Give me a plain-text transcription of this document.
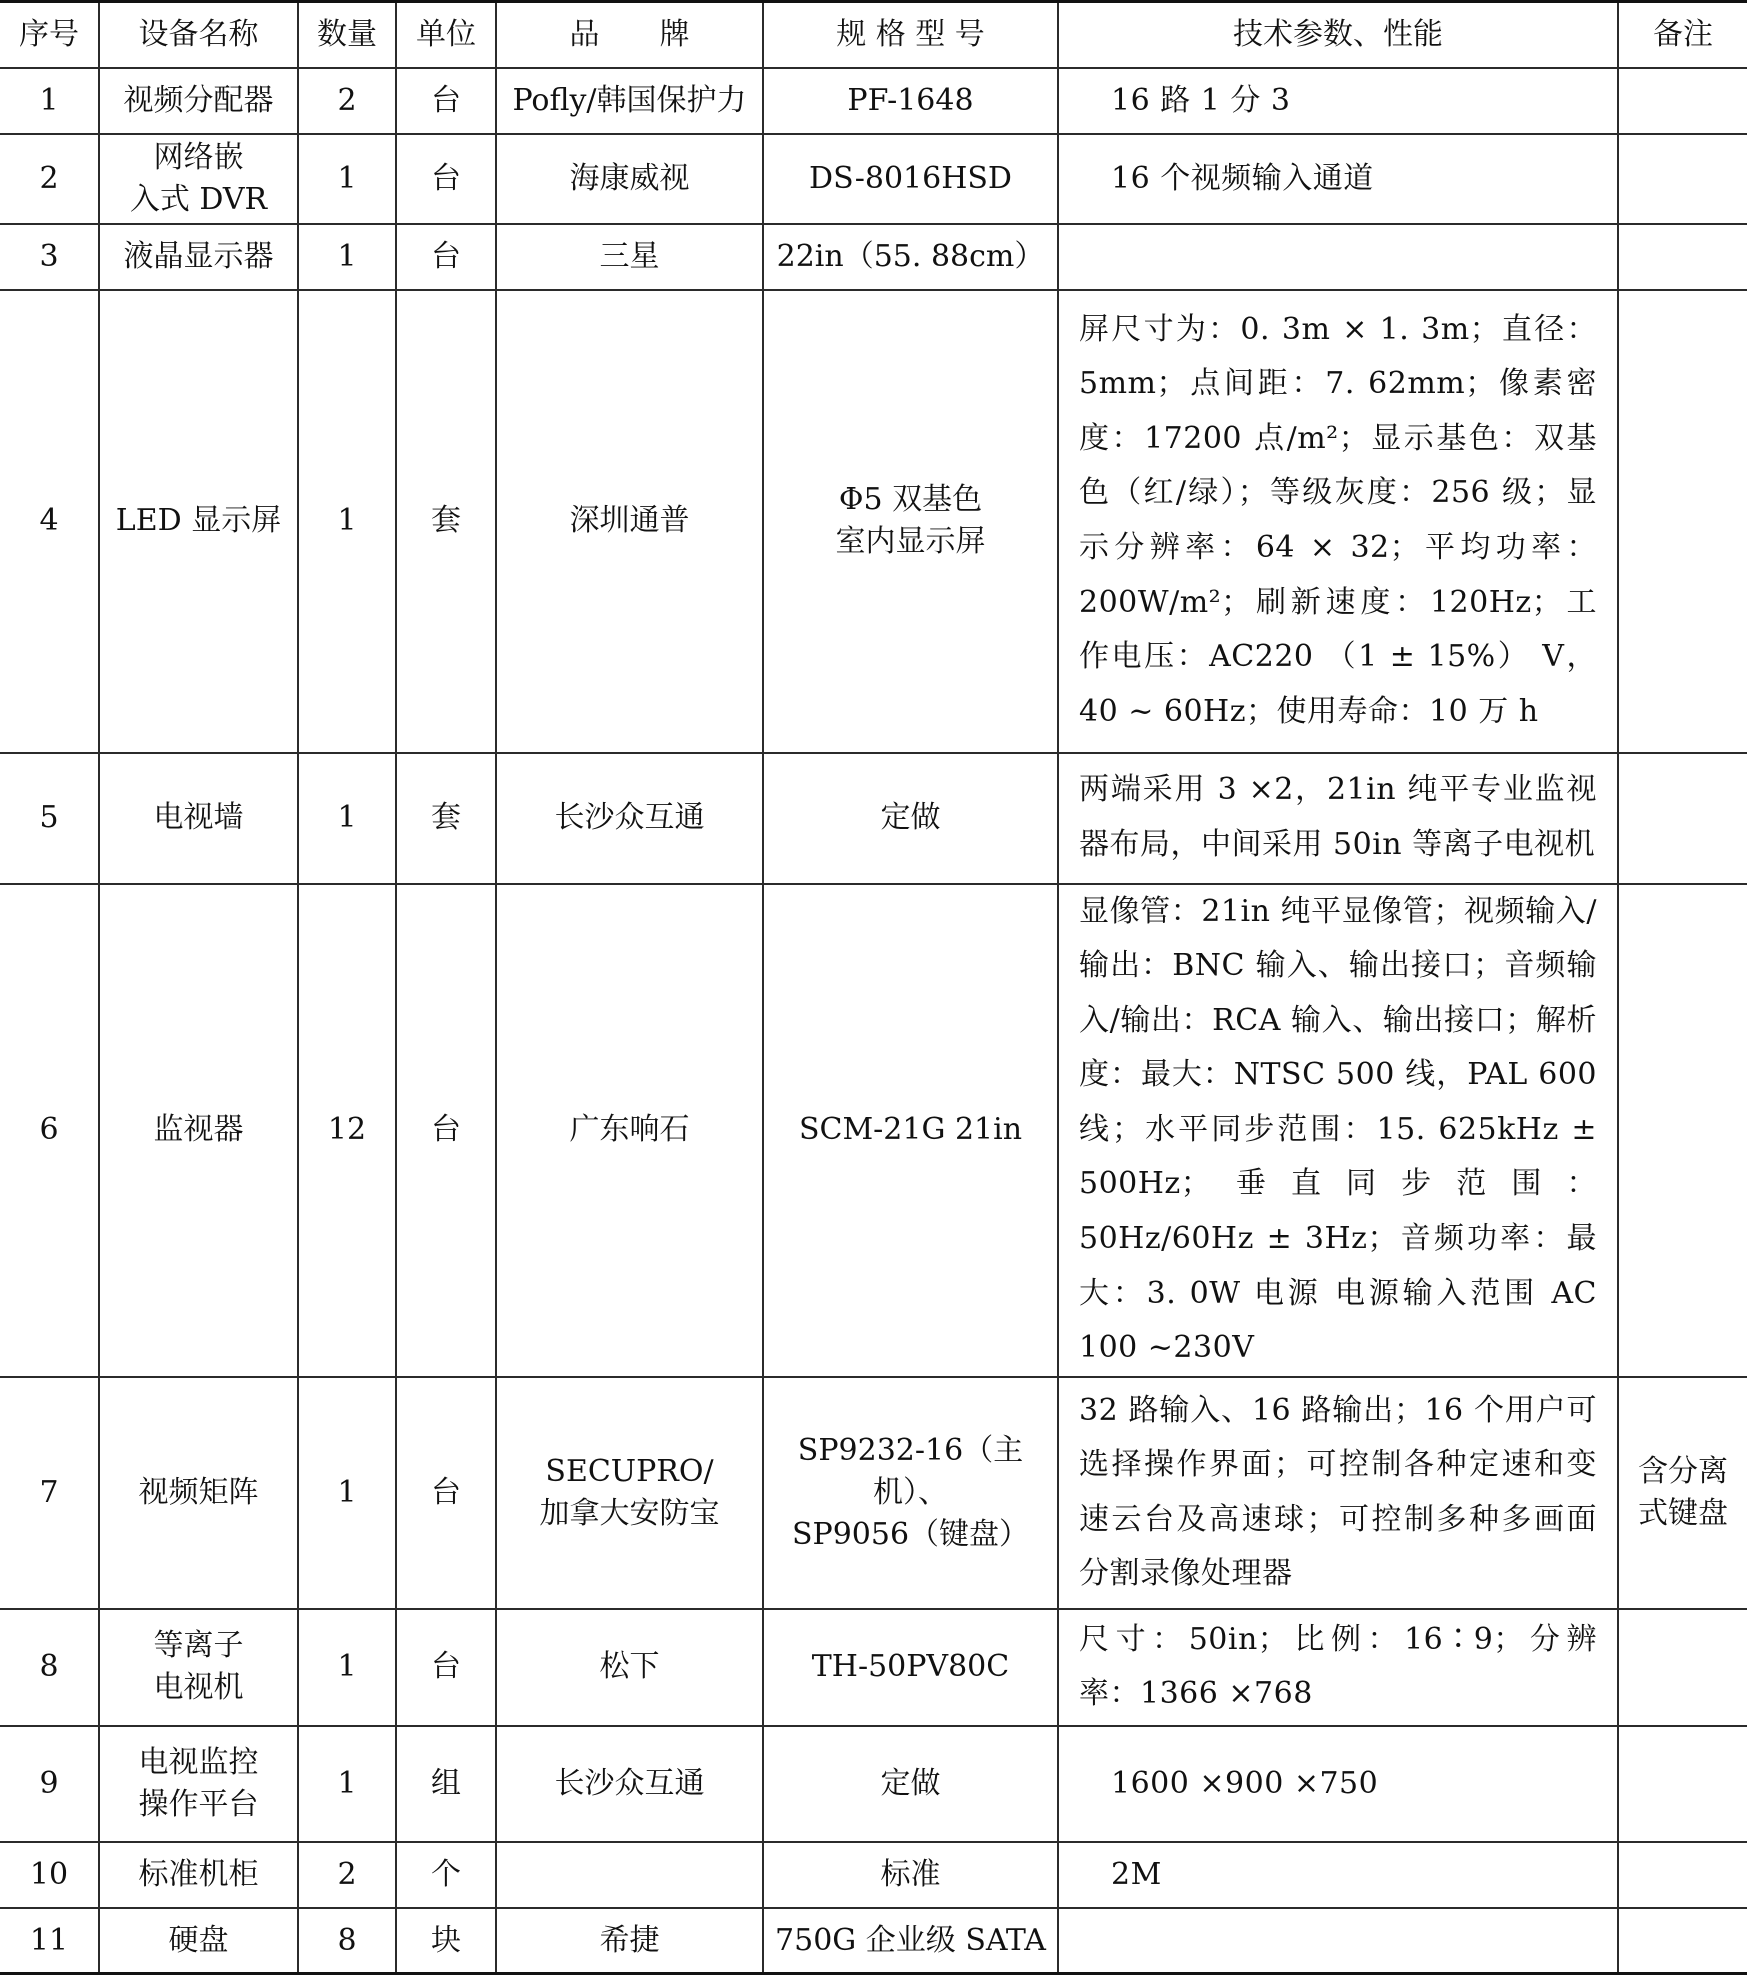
序号	设备名称	数量	单位	品　　牌	规 格 型 号	技术参数、性能	备注
1	视频分配器	2	台	Pofly/韩国保护力	PF-1648	16 路 1 分 3	
2	网络嵌
入式 DVR	1	台	海康威视	DS-8016HSD	16 个视频输入通道	
3	液晶显示器	1	台	三星	22in（55. 88cm）		
4	LED 显示屏	1	套	深圳通普	Φ5 双基色
室内显示屏	屏尺寸为：0. 3m × 1. 3m；直径：5mm；点间距：7. 62mm；像素密度：17200 点/m²；显示基色：双基色（红/绿）；等级灰度：256 级；显示分辨率：64 × 32；平均功率：200W/m²；刷新速度：120Hz；工作电压：AC220 （1 ± 15%） V，40 ~ 60Hz；使用寿命：10 万 h	
5	电视墙	1	套	长沙众互通	定做	两端采用 3 ×2，21in 纯平专业监视器布局，中间采用 50in 等离子电视机	
6	监视器	12	台	广东响石	SCM-21G 21in	显像管：21in 纯平显像管；视频输入/输出：BNC 输入、输出接口；音频输入/输出：RCA 输入、输出接口；解析度：最大：NTSC 500 线，PAL 600 线；水平同步范围：15. 625kHz ± 500Hz；垂直同步范围：50Hz/60Hz ± 3Hz；音频功率：最大：3. 0W 电源 电源输入范围 AC 100 ~230V	
7	视频矩阵	1	台	SECUPRO/
加拿大安防宝	SP9232-16（主机）、
SP9056（键盘）	32 路输入、16 路输出；16 个用户可选择操作界面；可控制各种定速和变速云台及高速球；可控制多种多画面分割录像处理器	含分离
式键盘
8	等离子
电视机	1	台	松下	TH-50PV80C	尺寸：50in；比例：16∶9；分辨率：1366 ×768	
9	电视监控
操作平台	1	组	长沙众互通	定做	1600 ×900 ×750	
10	标准机柜	2	个		标准	2M	
11	硬盘	8	块	希捷	750G 企业级 SATA		
